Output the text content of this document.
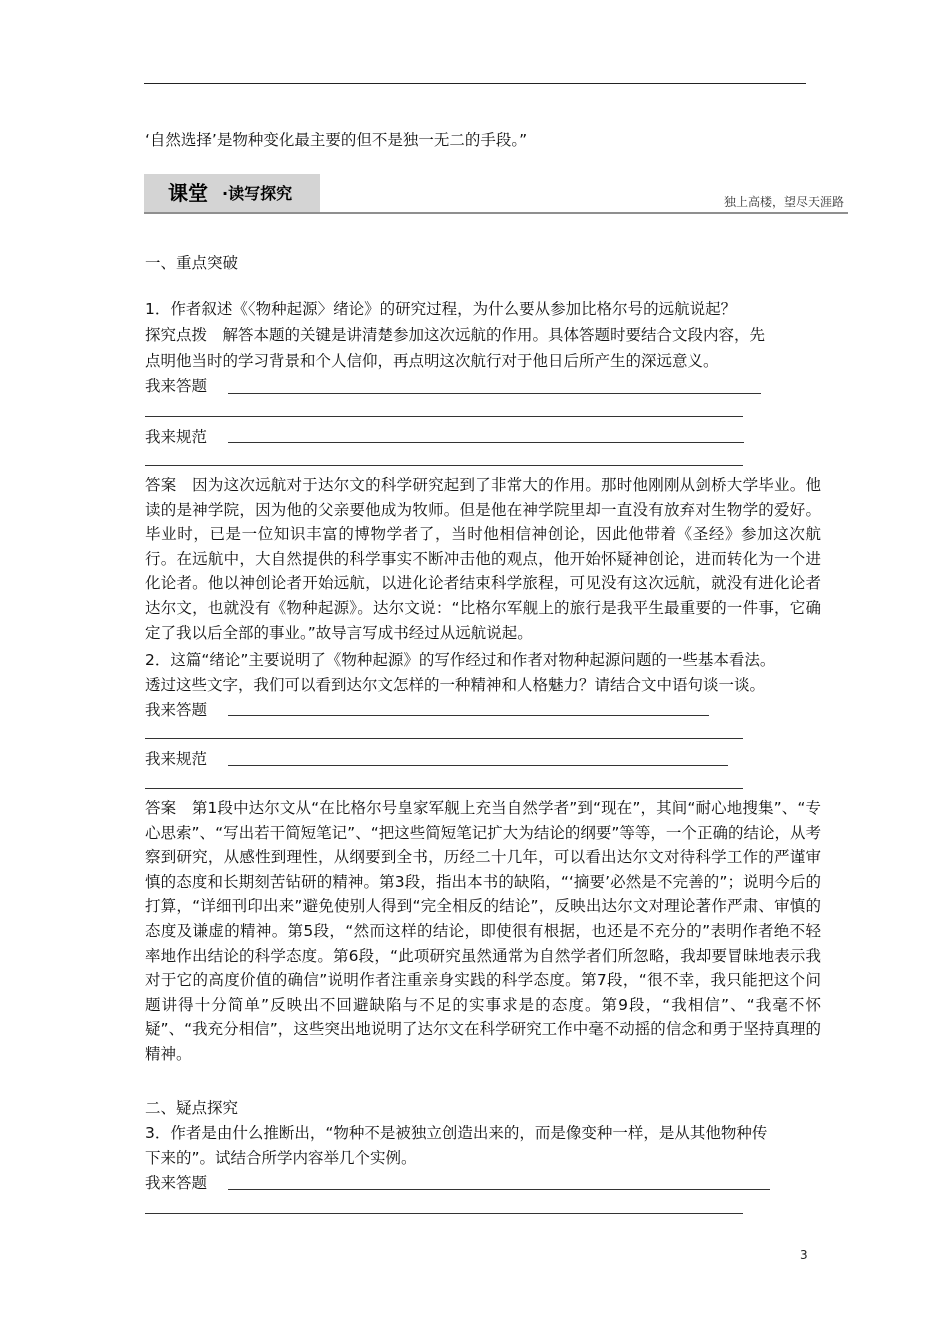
‘自然选择’是物种变化最主要的但不是独一无二的手段。”
课堂 ·读写探究	独上高楼，望尽天涯路
一、重点突破
1．作者叙述《〈物种起源〉绪论》的研究过程，为什么要从参加比格尔号的远航说起？
探究点拨　解答本题的关键是讲清楚参加这次远航的作用。具体答题时要结合文段内容，先
点明他当时的学习背景和个人信仰，再点明这次航行对于他日后所产生的深远意义。
我来答题
我来规范
答案　因为这次远航对于达尔文的科学研究起到了非常大的作用。那时他刚刚从剑桥大学毕业。他读的是神学院，因为他的父亲要他成为牧师。但是他在神学院里却一直没有放弃对生物学的爱好。毕业时，已是一位知识丰富的博物学者了，当时他相信神创论，因此他带着《圣经》参加这次航行。在远航中，大自然提供的科学事实不断冲击他的观点，他开始怀疑神创论，进而转化为一个进化论者。他以神创论者开始远航，以进化论者结束科学旅程，可见没有这次远航，就没有进化论者达尔文，也就没有《物种起源》。达尔文说：“比格尔军舰上的旅行是我平生最重要的一件事，它确定了我以后全部的事业。”故导言写成书经过从远航说起。
2．这篇“绪论”主要说明了《物种起源》的写作经过和作者对物种起源问题的一些基本看法。
透过这些文字，我们可以看到达尔文怎样的一种精神和人格魅力？请结合文中语句谈一谈。
我来答题
我来规范
答案　第1段中达尔文从“在比格尔号皇家军舰上充当自然学者”到“现在”，其间“耐心地搜集”、“专心思索”、“写出若干简短笔记”、“把这些简短笔记扩大为结论的纲要”等等，一个正确的结论，从考察到研究，从感性到理性，从纲要到全书，历经二十几年，可以看出达尔文对待科学工作的严谨审慎的态度和长期刻苦钻研的精神。第3段，指出本书的缺陷，“‘摘要’必然是不完善的”；说明今后的打算，“详细刊印出来”避免使别人得到“完全相反的结论”，反映出达尔文对理论著作严肃、审慎的态度及谦虚的精神。第5段，“然而这样的结论，即使很有根据，也还是不充分的”表明作者绝不轻率地作出结论的科学态度。第6段，“此项研究虽然通常为自然学者们所忽略，我却要冒昧地表示我对于它的高度价值的确信”说明作者注重亲身实践的科学态度。第7段，“很不幸，我只能把这个问题讲得十分简单”反映出不回避缺陷与不足的实事求是的态度。第9段，“我相信”、“我毫不怀疑”、“我充分相信”，这些突出地说明了达尔文在科学研究工作中毫不动摇的信念和勇于坚持真理的精神。
二、疑点探究
3．作者是由什么推断出，“物种不是被独立创造出来的，而是像变种一样，是从其他物种传
下来的”。试结合所学内容举几个实例。
我来答题
3
